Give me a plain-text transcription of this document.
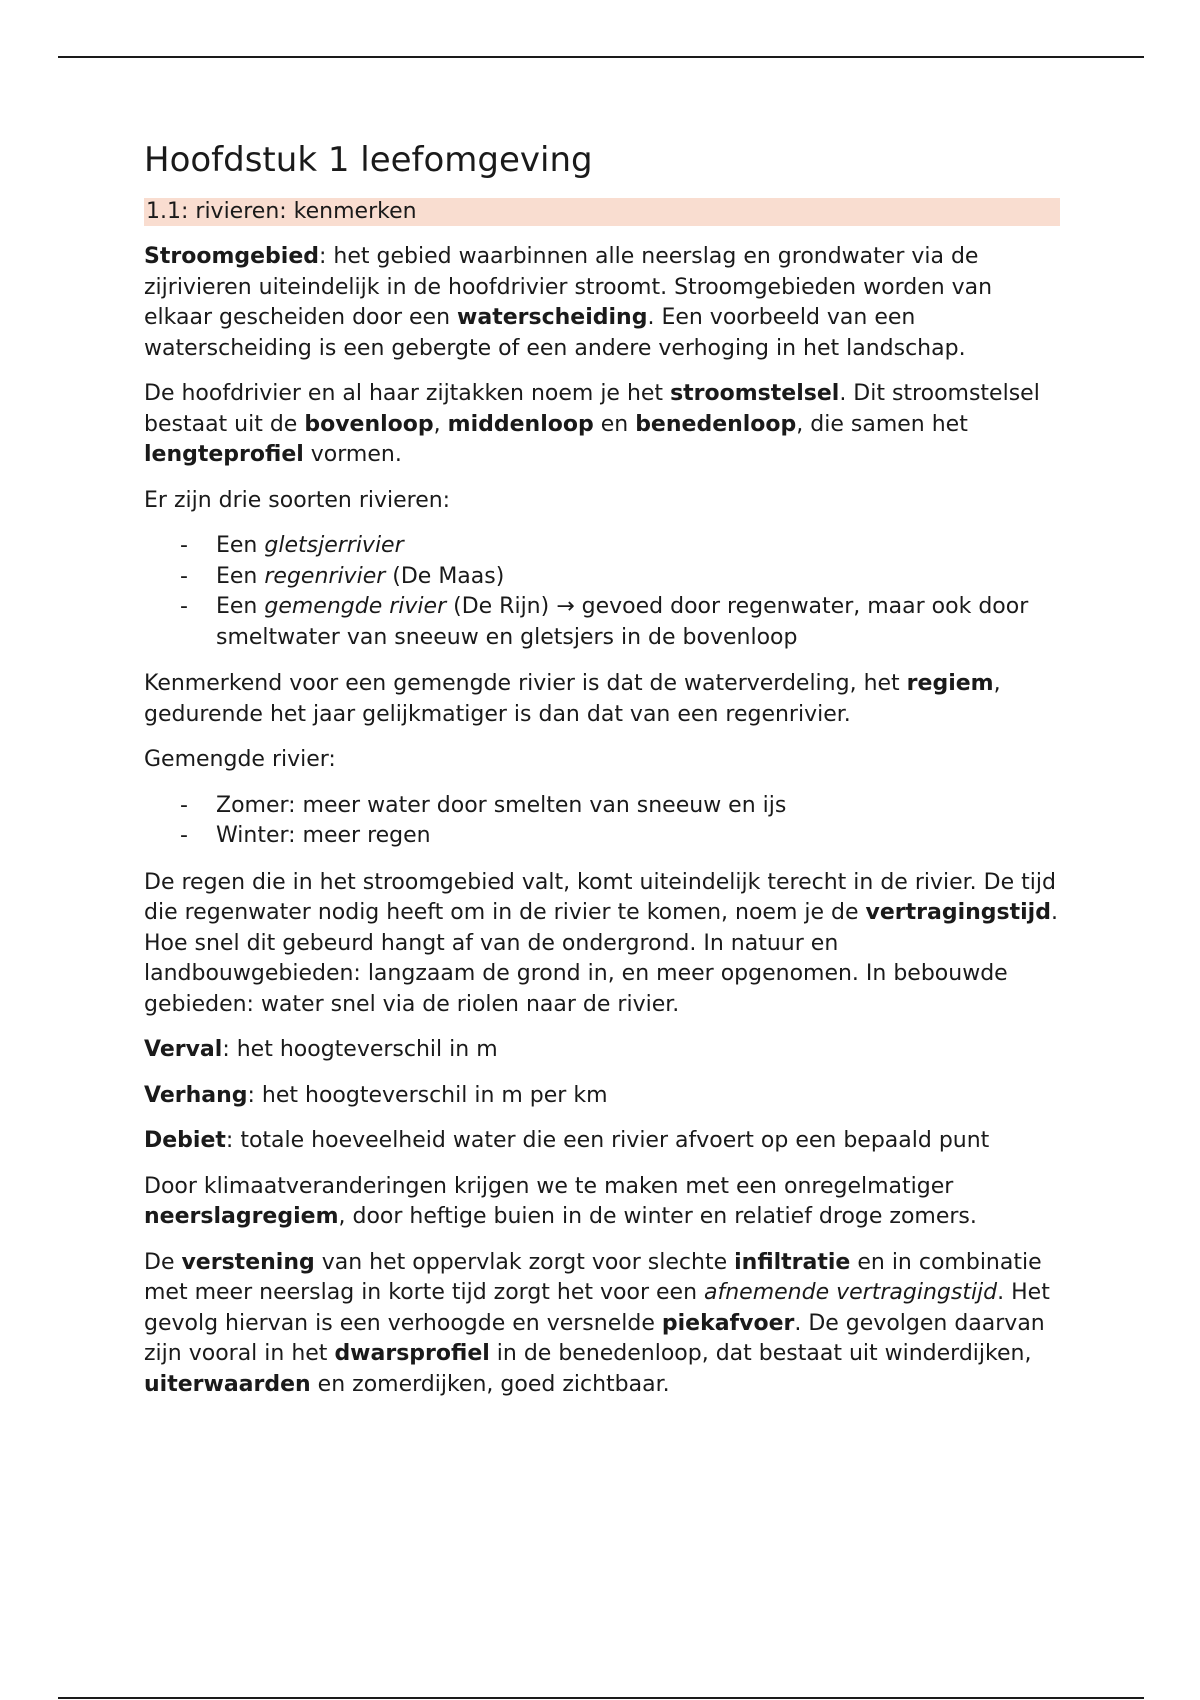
Hoofdstuk 1 leefomgeving
1.1: rivieren: kenmerken

Stroomgebied: het gebied waarbinnen alle neerslag en grondwater via de zijrivieren uiteindelijk in de hoofdrivier stroomt. Stroomgebieden worden van elkaar gescheiden door een waterscheiding. Een voorbeeld van een waterscheiding is een gebergte of een andere verhoging in het landschap.

De hoofdrivier en al haar zijtakken noem je het stroomstelsel. Dit stroomstelsel bestaat uit de bovenloop, middenloop en benedenloop, die samen het lengteprofiel vormen.

Er zijn drie soorten rivieren:

- Een gletsjerrivier
- Een regenrivier (De Maas)
- Een gemengde rivier (De Rijn) → gevoed door regenwater, maar ook door smeltwater van sneeuw en gletsjers in de bovenloop

Kenmerkend voor een gemengde rivier is dat de waterverdeling, het regiem, gedurende het jaar gelijkmatiger is dan dat van een regenrivier.

Gemengde rivier:

- Zomer: meer water door smelten van sneeuw en ijs
- Winter: meer regen

De regen die in het stroomgebied valt, komt uiteindelijk terecht in de rivier. De tijd die regenwater nodig heeft om in de rivier te komen, noem je de vertragingstijd. Hoe snel dit gebeurd hangt af van de ondergrond. In natuur en landbouwgebieden: langzaam de grond in, en meer opgenomen. In bebouwde gebieden: water snel via de riolen naar de rivier.

Verval: het hoogteverschil in m

Verhang: het hoogteverschil in m per km

Debiet: totale hoeveelheid water die een rivier afvoert op een bepaald punt

Door klimaatveranderingen krijgen we te maken met een onregelmatiger neerslagregiem, door heftige buien in de winter en relatief droge zomers.

De verstening van het oppervlak zorgt voor slechte infiltratie en in combinatie met meer neerslag in korte tijd zorgt het voor een afnemende vertragingstijd. Het gevolg hiervan is een verhoogde en versnelde piekafvoer. De gevolgen daarvan zijn vooral in het dwarsprofiel in de benedenloop, dat bestaat uit winderdijken, uiterwaarden en zomerdijken, goed zichtbaar.
